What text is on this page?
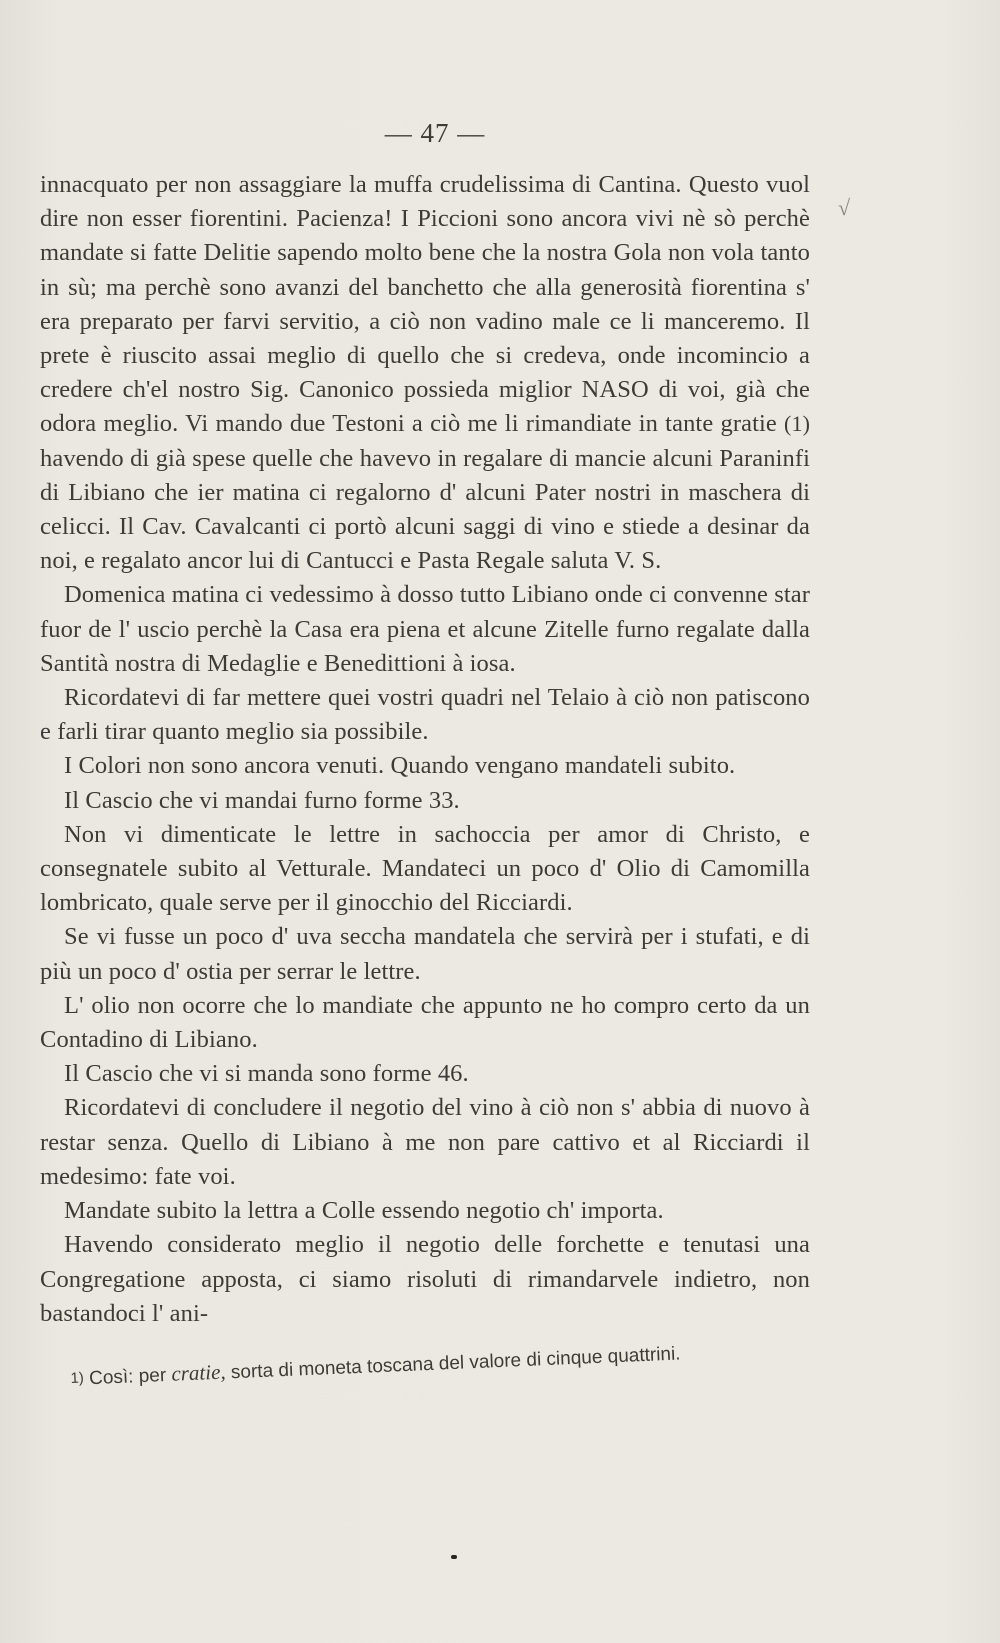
— 47 —
√

innacquato per non assaggiare la muffa crudelissima di Cantina. Questo vuol dire non esser fiorentini. Pacienza! I Piccioni sono ancora vivi nè sò perchè mandate si fatte Delitie sapendo molto bene che la nostra Gola non vola tanto in sù; ma perchè sono avanzi del banchetto che alla generosità fiorentina s' era preparato per farvi servitio, a ciò non vadino male ce li manceremo. Il prete è riuscito assai meglio di quello che si credeva, onde incomincio a credere ch'el nostro Sig. Canonico possieda miglior NASO di voi, già che odora meglio. Vi mando due Testoni a ciò me li rimandiate in tante gratie (1) havendo di già spese quelle che havevo in regalare di mancie alcuni Paraninfi di Libiano che ier matina ci regalorno d' alcuni Pater nostri in maschera di celicci. Il Cav. Cavalcanti ci portò alcuni saggi di vino e stiede a desinar da noi, e regalato ancor lui di Cantucci e Pasta Regale saluta V. S.

Domenica matina ci vedessimo à dosso tutto Libiano onde ci convenne star fuor de l' uscio perchè la Casa era piena et alcune Zitelle furno regalate dalla Santità nostra di Medaglie e Benedittioni à iosa.

Ricordatevi di far mettere quei vostri quadri nel Telaio à ciò non patiscono e farli tirar quanto meglio sia possibile.

I Colori non sono ancora venuti. Quando vengano mandateli subito.

Il Cascio che vi mandai furno forme 33.

Non vi dimenticate le lettre in sachoccia per amor di Christo, e consegnatele subito al Vetturale. Mandateci un poco d' Olio di Camomilla lombricato, quale serve per il ginocchio del Ricciardi.

Se vi fusse un poco d' uva seccha mandatela che servirà per i stufati, e di più un poco d' ostia per serrar le lettre.

L' olio non ocorre che lo mandiate che appunto ne ho compro certo da un Contadino di Libiano.

Il Cascio che vi si manda sono forme 46.

Ricordatevi di concludere il negotio del vino à ciò non s' abbia di nuovo à restar senza. Quello di Libiano à me non pare cattivo et al Ricciardi il medesimo: fate voi.

Mandate subito la lettra a Colle essendo negotio ch' importa.

Havendo considerato meglio il negotio delle forchette e tenutasi una Congregatione apposta, ci siamo risoluti di rimandarvele indietro, non bastandoci l' ani-

1) Così: per cratie, sorta di moneta toscana del valore di cinque quattrini.
